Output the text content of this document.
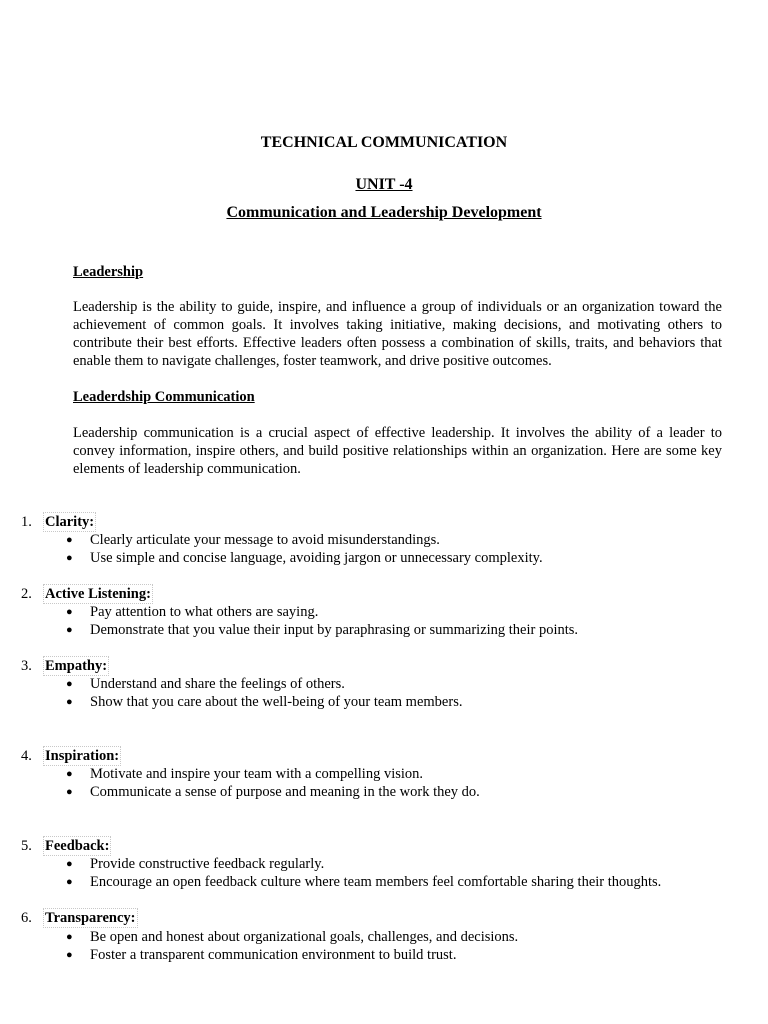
TECHNICAL COMMUNICATION
UNIT -4
Communication and Leadership Development
Leadership

Leadership is the ability to guide, inspire, and influence a group of individuals or an organization toward the achievement of common goals. It involves taking initiative, making decisions, and motivating others to contribute their best efforts. Effective leaders often possess a combination of skills, traits, and behaviors that enable them to navigate challenges, foster teamwork, and drive positive outcomes.

Leaderdship Communication

Leadership communication is a crucial aspect of effective leadership. It involves the ability of a leader to convey information, inspire others, and build positive relationships within an organization. Here are some key elements of leadership communication.

1. Clarity:
● Clearly articulate your message to avoid misunderstandings.
● Use simple and concise language, avoiding jargon or unnecessary complexity.
2. Active Listening:
● Pay attention to what others are saying.
● Demonstrate that you value their input by paraphrasing or summarizing their points.
3. Empathy:
● Understand and share the feelings of others.
● Show that you care about the well-being of your team members.
4. Inspiration:
● Motivate and inspire your team with a compelling vision.
● Communicate a sense of purpose and meaning in the work they do.
5. Feedback:
● Provide constructive feedback regularly.
● Encourage an open feedback culture where team members feel comfortable sharing their thoughts.
6. Transparency:
● Be open and honest about organizational goals, challenges, and decisions.
● Foster a transparent communication environment to build trust.
